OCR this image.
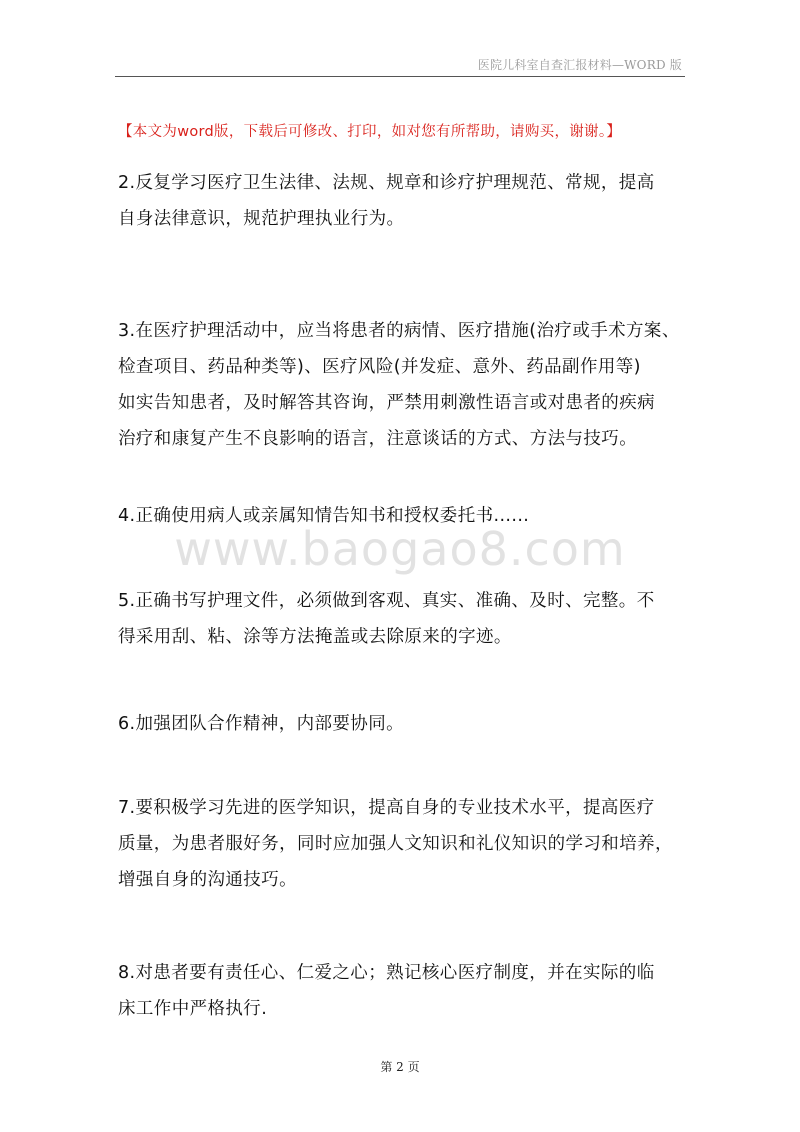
医院儿科室自查汇报材料—WORD 版
【本文为word版，下载后可修改、打印，如对您有所帮助，请购买，谢谢。】
2.反复学习医疗卫生法律、法规、规章和诊疗护理规范、常规，提高
自身法律意识，规范护理执业行为。
3.在医疗护理活动中，应当将患者的病情、医疗措施(治疗或手术方案、
检查项目、药品种类等)、医疗风险(并发症、意外、药品副作用等)
如实告知患者，及时解答其咨询，严禁用刺激性语言或对患者的疾病
治疗和康复产生不良影响的语言，注意谈话的方式、方法与技巧。
4.正确使用病人或亲属知情告知书和授权委托书......
www.baogao8.com
5.正确书写护理文件，必须做到客观、真实、准确、及时、完整。不
得采用刮、粘、涂等方法掩盖或去除原来的字迹。
6.加强团队合作精神，内部要协同。
7.要积极学习先进的医学知识，提高自身的专业技术水平，提高医疗
质量，为患者服好务，同时应加强人文知识和礼仪知识的学习和培养，
增强自身的沟通技巧。
8.对患者要有责任心、仁爱之心；熟记核心医疗制度，并在实际的临
床工作中严格执行.
第 2 页
